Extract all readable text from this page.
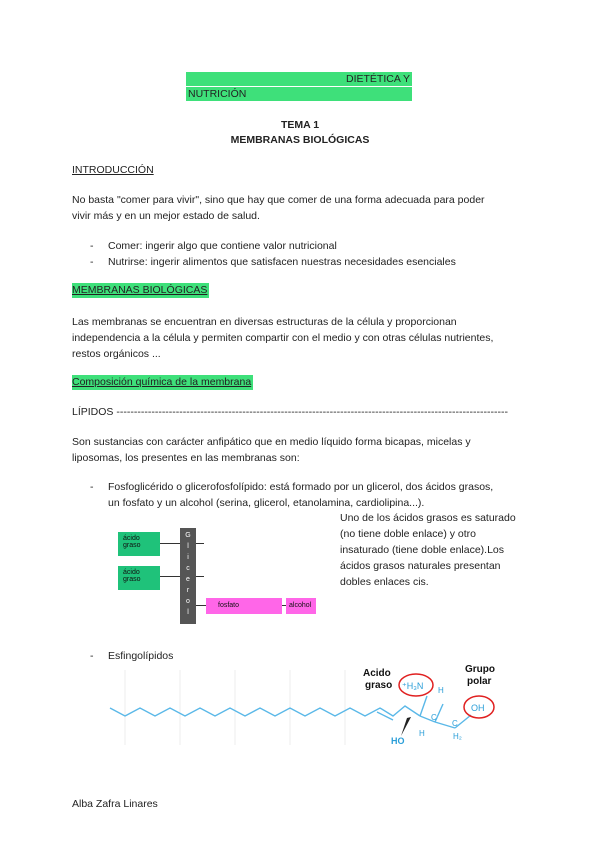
DIETÉTICA Y
NUTRICIÓN
TEMA 1
MEMBRANAS BIOLÓGICAS
INTRODUCCIÓN
No basta "comer para vivir", sino que hay que comer de una forma adecuada para poder
vivir más y en un mejor estado de salud.
-	Comer: ingerir algo que contiene valor nutricional
-	Nutrirse: ingerir alimentos que satisfacen nuestras necesidades esenciales
MEMBRANAS BIOLÓGICAS
Las membranas se encuentran en diversas estructuras de la célula y proporcionan
independencia a la célula y permiten compartir con el medio y con otras células nutrientes,
restos orgánicos ...
Composición química de la membrana
LÍPIDOS ----------------------------------------------------------------------------------------------------------------
Son sustancias con carácter anfipático que en medio líquido forma bicapas, micelas y
liposomas, los presentes en las membranas son:
-	Fosfoglicérido o glicerofosfolípido: está formado por un glicerol, dos ácidos grasos,
un fosfato y un alcohol (serina, glicerol, etanolamina, cardiolipina...).
Uno de los ácidos grasos es saturado
(no tiene doble enlace) y otro
insaturado (tiene doble enlace).Los
ácidos grasos naturales presentan
dobles enlaces cis.
G
l
i
c
e
r
o
l
ácido
graso
ácido
graso
fosfato	alcohol
-	Esfingolípidos
Acido
graso
Grupo
polar
⁺H₃N
OH
H
C
C
H₂
H
HO
Alba Zafra Linares
